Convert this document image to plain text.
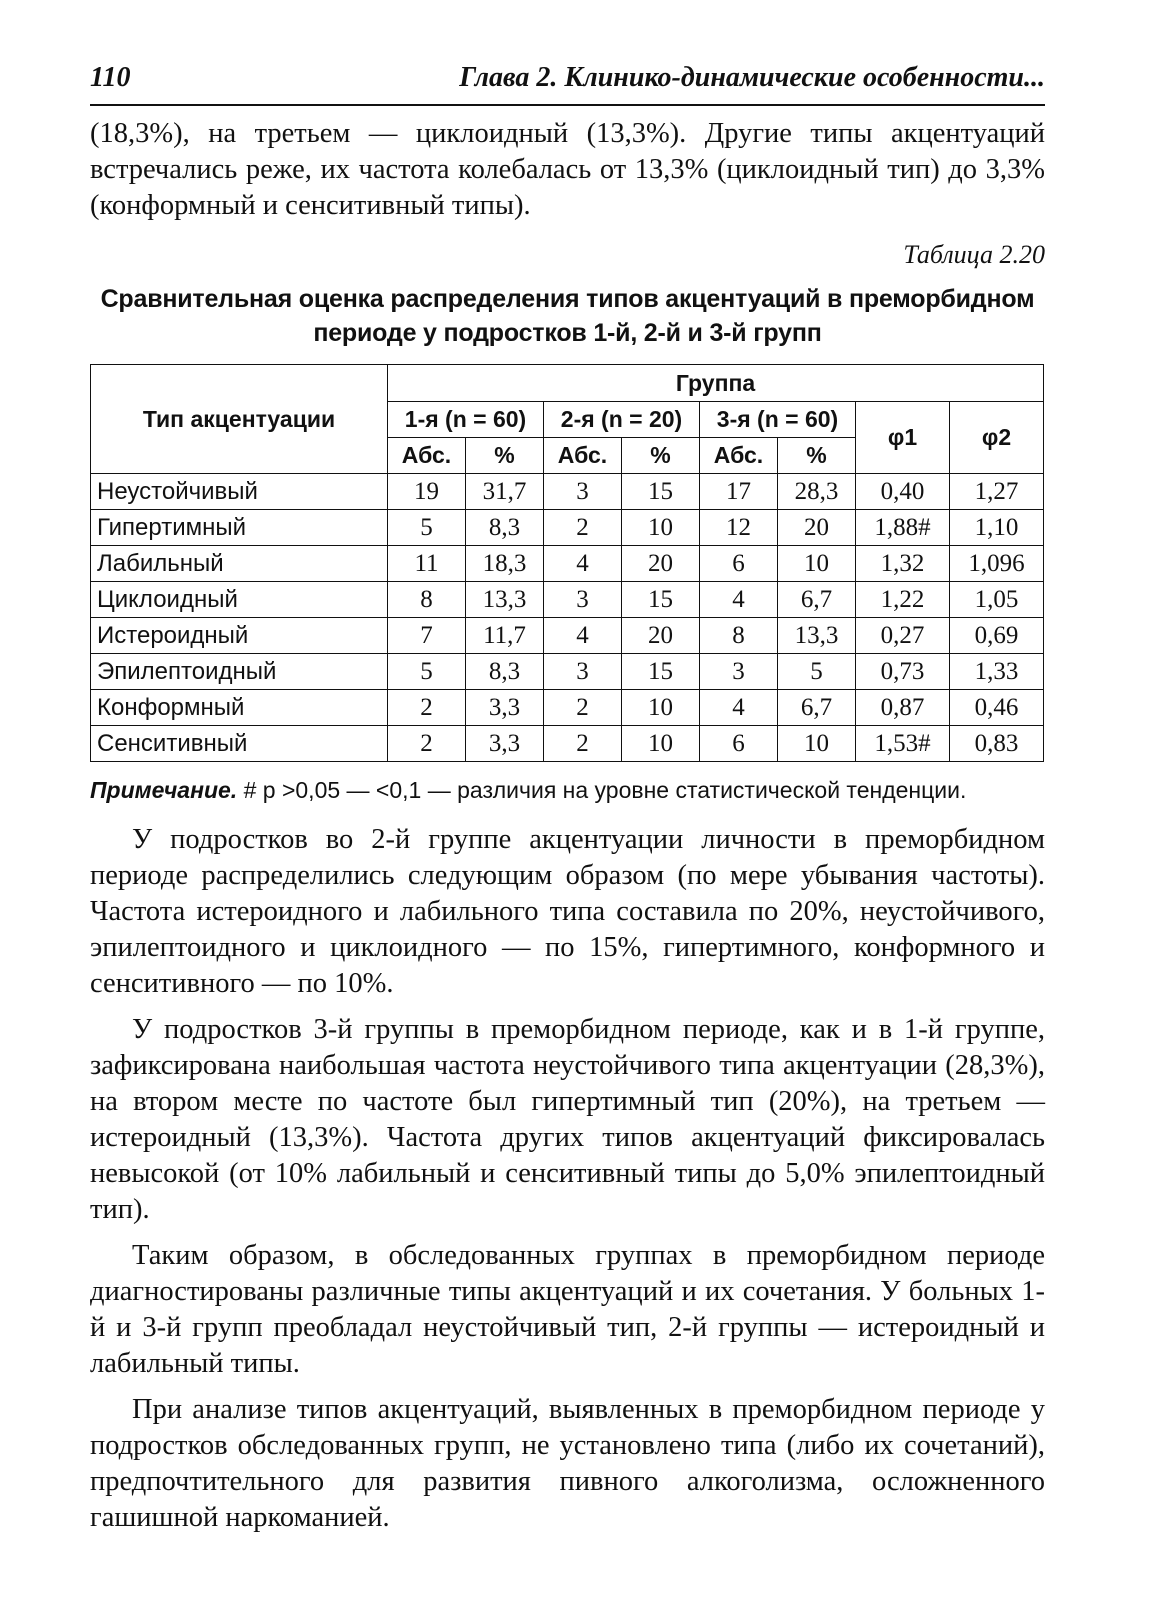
110	Глава 2. Клинико-динамические особенности...

(18,3%), на третьем — циклоидный (13,3%). Другие типы акцентуаций встречались реже, их частота колебалась от 13,3% (циклоидный тип) до 3,3% (конформный и сенситивный типы).

Таблица 2.20
Сравнительная оценка распределения типов акцентуаций в преморбидном периоде у подростков 1-й, 2-й и 3-й групп
Тип акцентуации	Группа							
	1-я (n = 60)		2-я (n = 20)		3-я (n = 60)		φ1	φ2
	Абс.	%	Абс.	%	Абс.	%		
Неустойчивый	19	31,7	3	15	17	28,3	0,40	1,27
Гипертимный	5	8,3	2	10	12	20	1,88#	1,10
Лабильный	11	18,3	4	20	6	10	1,32	1,096
Циклоидный	8	13,3	3	15	4	6,7	1,22	1,05
Истероидный	7	11,7	4	20	8	13,3	0,27	0,69
Эпилептоидный	5	8,3	3	15	3	5	0,73	1,33
Конформный	2	3,3	2	10	4	6,7	0,87	0,46
Сенситивный	2	3,3	2	10	6	10	1,53#	0,83
Примечание. # p >0,05 — <0,1 — различия на уровне статистической тенденции.

У подростков во 2-й группе акцентуации личности в преморбидном периоде распределились следующим образом (по мере убывания частоты). Частота истероидного и лабильного типа составила по 20%, неустойчивого, эпилептоидного и циклоидного — по 15%, гипертимного, конформного и сенситивного — по 10%.

У подростков 3-й группы в преморбидном периоде, как и в 1-й группе, зафиксирована наибольшая частота неустойчивого типа акцентуации (28,3%), на втором месте по частоте был гипертимный тип (20%), на третьем — истероидный (13,3%). Частота других типов акцентуаций фиксировалась невысокой (от 10% лабильный и сенситивный типы до 5,0% эпилептоидный тип).

Таким образом, в обследованных группах в преморбидном периоде диагностированы различные типы акцентуаций и их сочетания. У больных 1-й и 3-й групп преобладал неустойчивый тип, 2-й группы — истероидный и лабильный типы.

При анализе типов акцентуаций, выявленных в преморбидном периоде у подростков обследованных групп, не установлено типа (либо их сочетаний), предпочтительного для развития пивного алкоголизма, осложненного гашишной наркоманией.
